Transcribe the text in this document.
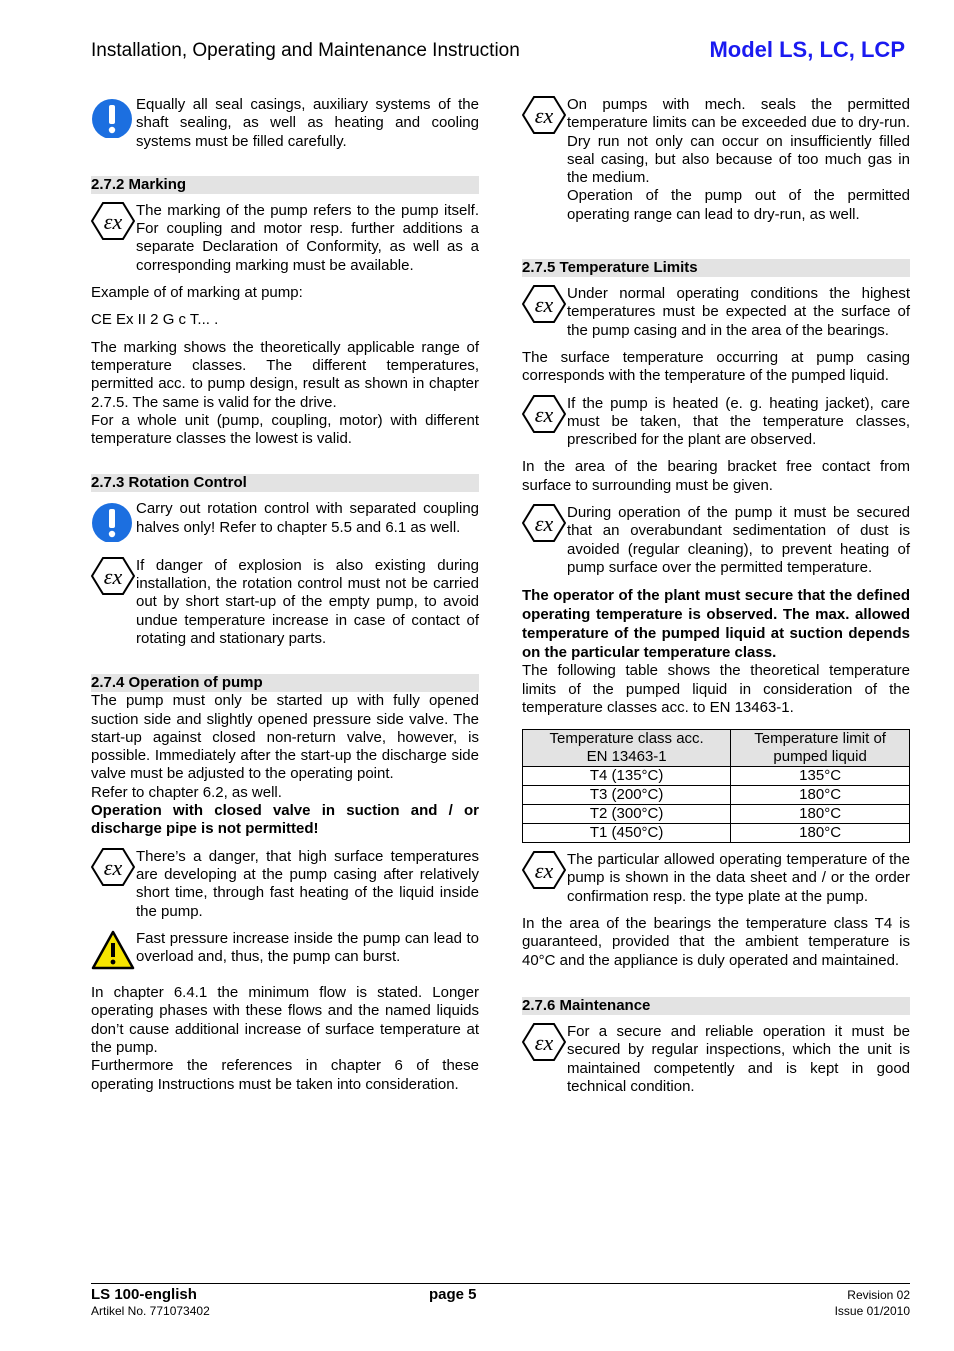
Installation, Operating and Maintenance Instruction	Model LS, LC, LCP

Equally all seal casings, auxiliary systems of the shaft sealing, as well as heating and cooling systems must be filled carefully.

2.7.2 Marking
εx The marking of the pump refers to the pump itself. For coupling and motor resp. further additions a separate Declaration of Conformity, as well as a corresponding marking must be available.

Example of of marking at pump:

CE Ex II 2 G c T... .

The marking shows the theoretically applicable range of temperature classes. The different temperatures, permitted acc. to pump design, result as shown in chapter 2.7.5. The same is valid for the drive.

For a whole unit (pump, coupling, motor) with different temperature classes the lowest is valid.

2.7.3 Rotation Control

Carry out rotation control with separated coupling halves only! Refer to chapter 5.5 and 6.1 as well.

εx If danger of explosion is also existing during installation, the rotation control must not be carried out by short start-up of the empty pump, to avoid undue temperature increase in case of contact of rotating and stationary parts.

2.7.4 Operation of pump

The pump must only be started up with fully opened suction side and slightly opened pressure side valve. The start-up against closed non-return valve, however, is possible. Immediately after the start-up the discharge side valve must be adjusted to the operating point.

Refer to chapter 6.2, as well.

Operation with closed valve in suction and / or discharge pipe is not permitted!

εx There’s a danger, that high surface temperatures are developing at the pump casing after relatively short time, through fast heating of the liquid inside the pump.

Fast pressure increase inside the pump can lead to overload and, thus, the pump can burst.

In chapter 6.4.1 the minimum flow is stated. Longer operating phases with these flows and the named liquids don’t cause additional increase of surface temperature at the pump.

Furthermore the references in chapter 6 of these operating Instructions must be taken into consideration.

εx On pumps with mech. seals the permitted temperature limits can be exceeded due to dry-run. Dry run not only can occur on insufficiently filled seal casing, but also because of too much gas in the medium.

Operation of the pump out of the permitted operating range can lead to dry-run, as well.

2.7.5 Temperature Limits
εx Under normal operating conditions the highest temperatures must be expected at the surface of the pump casing and in the area of the bearings.

The surface temperature occurring at pump casing corresponds with the temperature of the pumped liquid.

εx If the pump is heated (e. g. heating jacket), care must be taken, that the temperature classes, prescribed for the plant are observed.

In the area of the bearing bracket free contact from surface to surrounding must be given.

εx During operation of the pump it must be secured that an overabundant sedimentation of dust is avoided (regular cleaning), to prevent heating of pump surface over the permitted temperature.

The operator of the plant must secure that the defined operating temperature is observed. The max. allowed temperature of the pumped liquid at suction depends on the particular temperature class.

The following table shows the theoretical temperature limits of the pumped liquid in consideration of the temperature classes acc. to EN 13463-1.

Temperature class acc.
EN 13463-1	Temperature limit of
pumped liquid
T4 (135°C)	135°C
T3 (200°C)	180°C
T2 (300°C)	180°C
T1 (450°C)	180°C
εx The particular allowed operating temperature of the pump is shown in the data sheet and / or the order confirmation resp. the type plate at the pump.

In the area of the bearings the temperature class T4 is guaranteed, provided that the ambient temperature is 40°C and the appliance is duly operated and maintained.

2.7.6 Maintenance
εx For a secure and reliable operation it must be secured by regular inspections, which the unit is maintained competently and is kept in good technical condition.

LS 100-english
Artikel No. 771073402
page 5	Revision 02
Issue 01/2010
